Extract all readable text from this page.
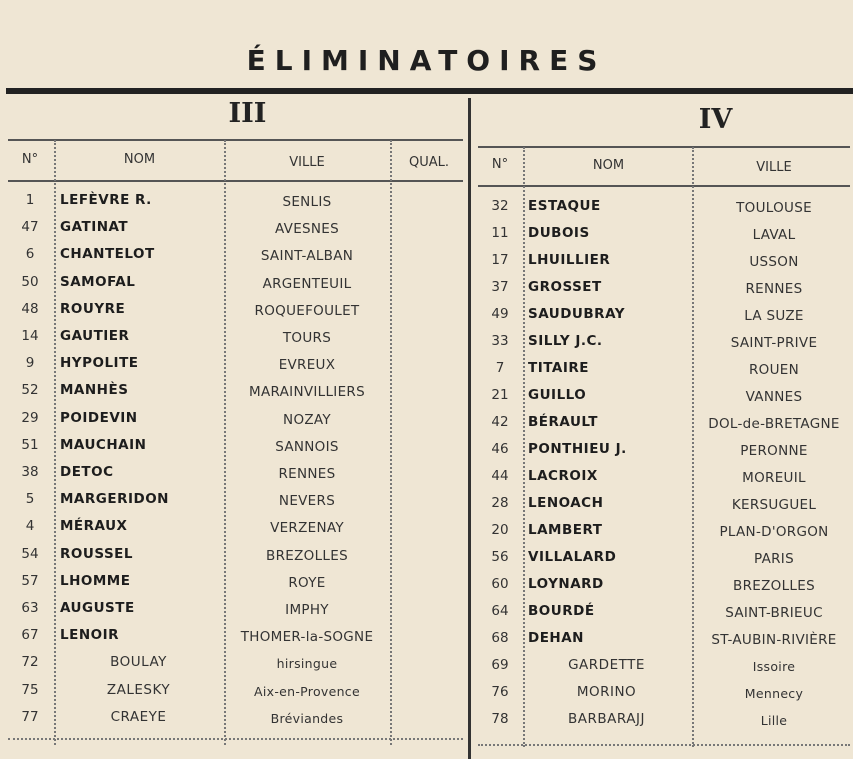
ÉLIMINATOIRES
III
N°	NOM	VILLE	QUAL.
IV
N°	NOM	VILLE
1	LEFÈVRE R.	SENLIS
47	GATINAT	AVESNES
6	CHANTELOT	SAINT-ALBAN
50	SAMOFAL	ARGENTEUIL
48	ROUYRE	ROQUEFOULET
14	GAUTIER	TOURS
9	HYPOLITE	EVREUX
52	MANHÈS	MARAINVILLIERS
29	POIDEVIN	NOZAY
51	MAUCHAIN	SANNOIS
38	DETOC	RENNES
5	MARGERIDON	NEVERS
4	MÉRAUX	VERZENAY
54	ROUSSEL	BREZOLLES
57	LHOMME	ROYE
63	AUGUSTE	IMPHY
67	LENOIR	THOMER-la-SOGNE
72	BOULAY	hirsingue
75	ZALESKY	Aix-en-Provence
77	CRAEYE	Bréviandes
32	ESTAQUE	TOULOUSE
11	DUBOIS	LAVAL
17	LHUILLIER	USSON
37	GROSSET	RENNES
49	SAUDUBRAY	LA SUZE
33	SILLY J.C.	SAINT-PRIVE
7	TITAIRE	ROUEN
21	GUILLO	VANNES
42	BÉRAULT	DOL-de-BRETAGNE
46	PONTHIEU J.	PERONNE
44	LACROIX	MOREUIL
28	LENOACH	KERSUGUEL
20	LAMBERT	PLAN-D'ORGON
56	VILLALARD	PARIS
60	LOYNARD	BREZOLLES
64	BOURDÉ	SAINT-BRIEUC
68	DEHAN	ST-AUBIN-RIVIÈRE
69	GARDETTE	Issoire
76	MORINO	Mennecy
78	BARBARAJJ	Lille
